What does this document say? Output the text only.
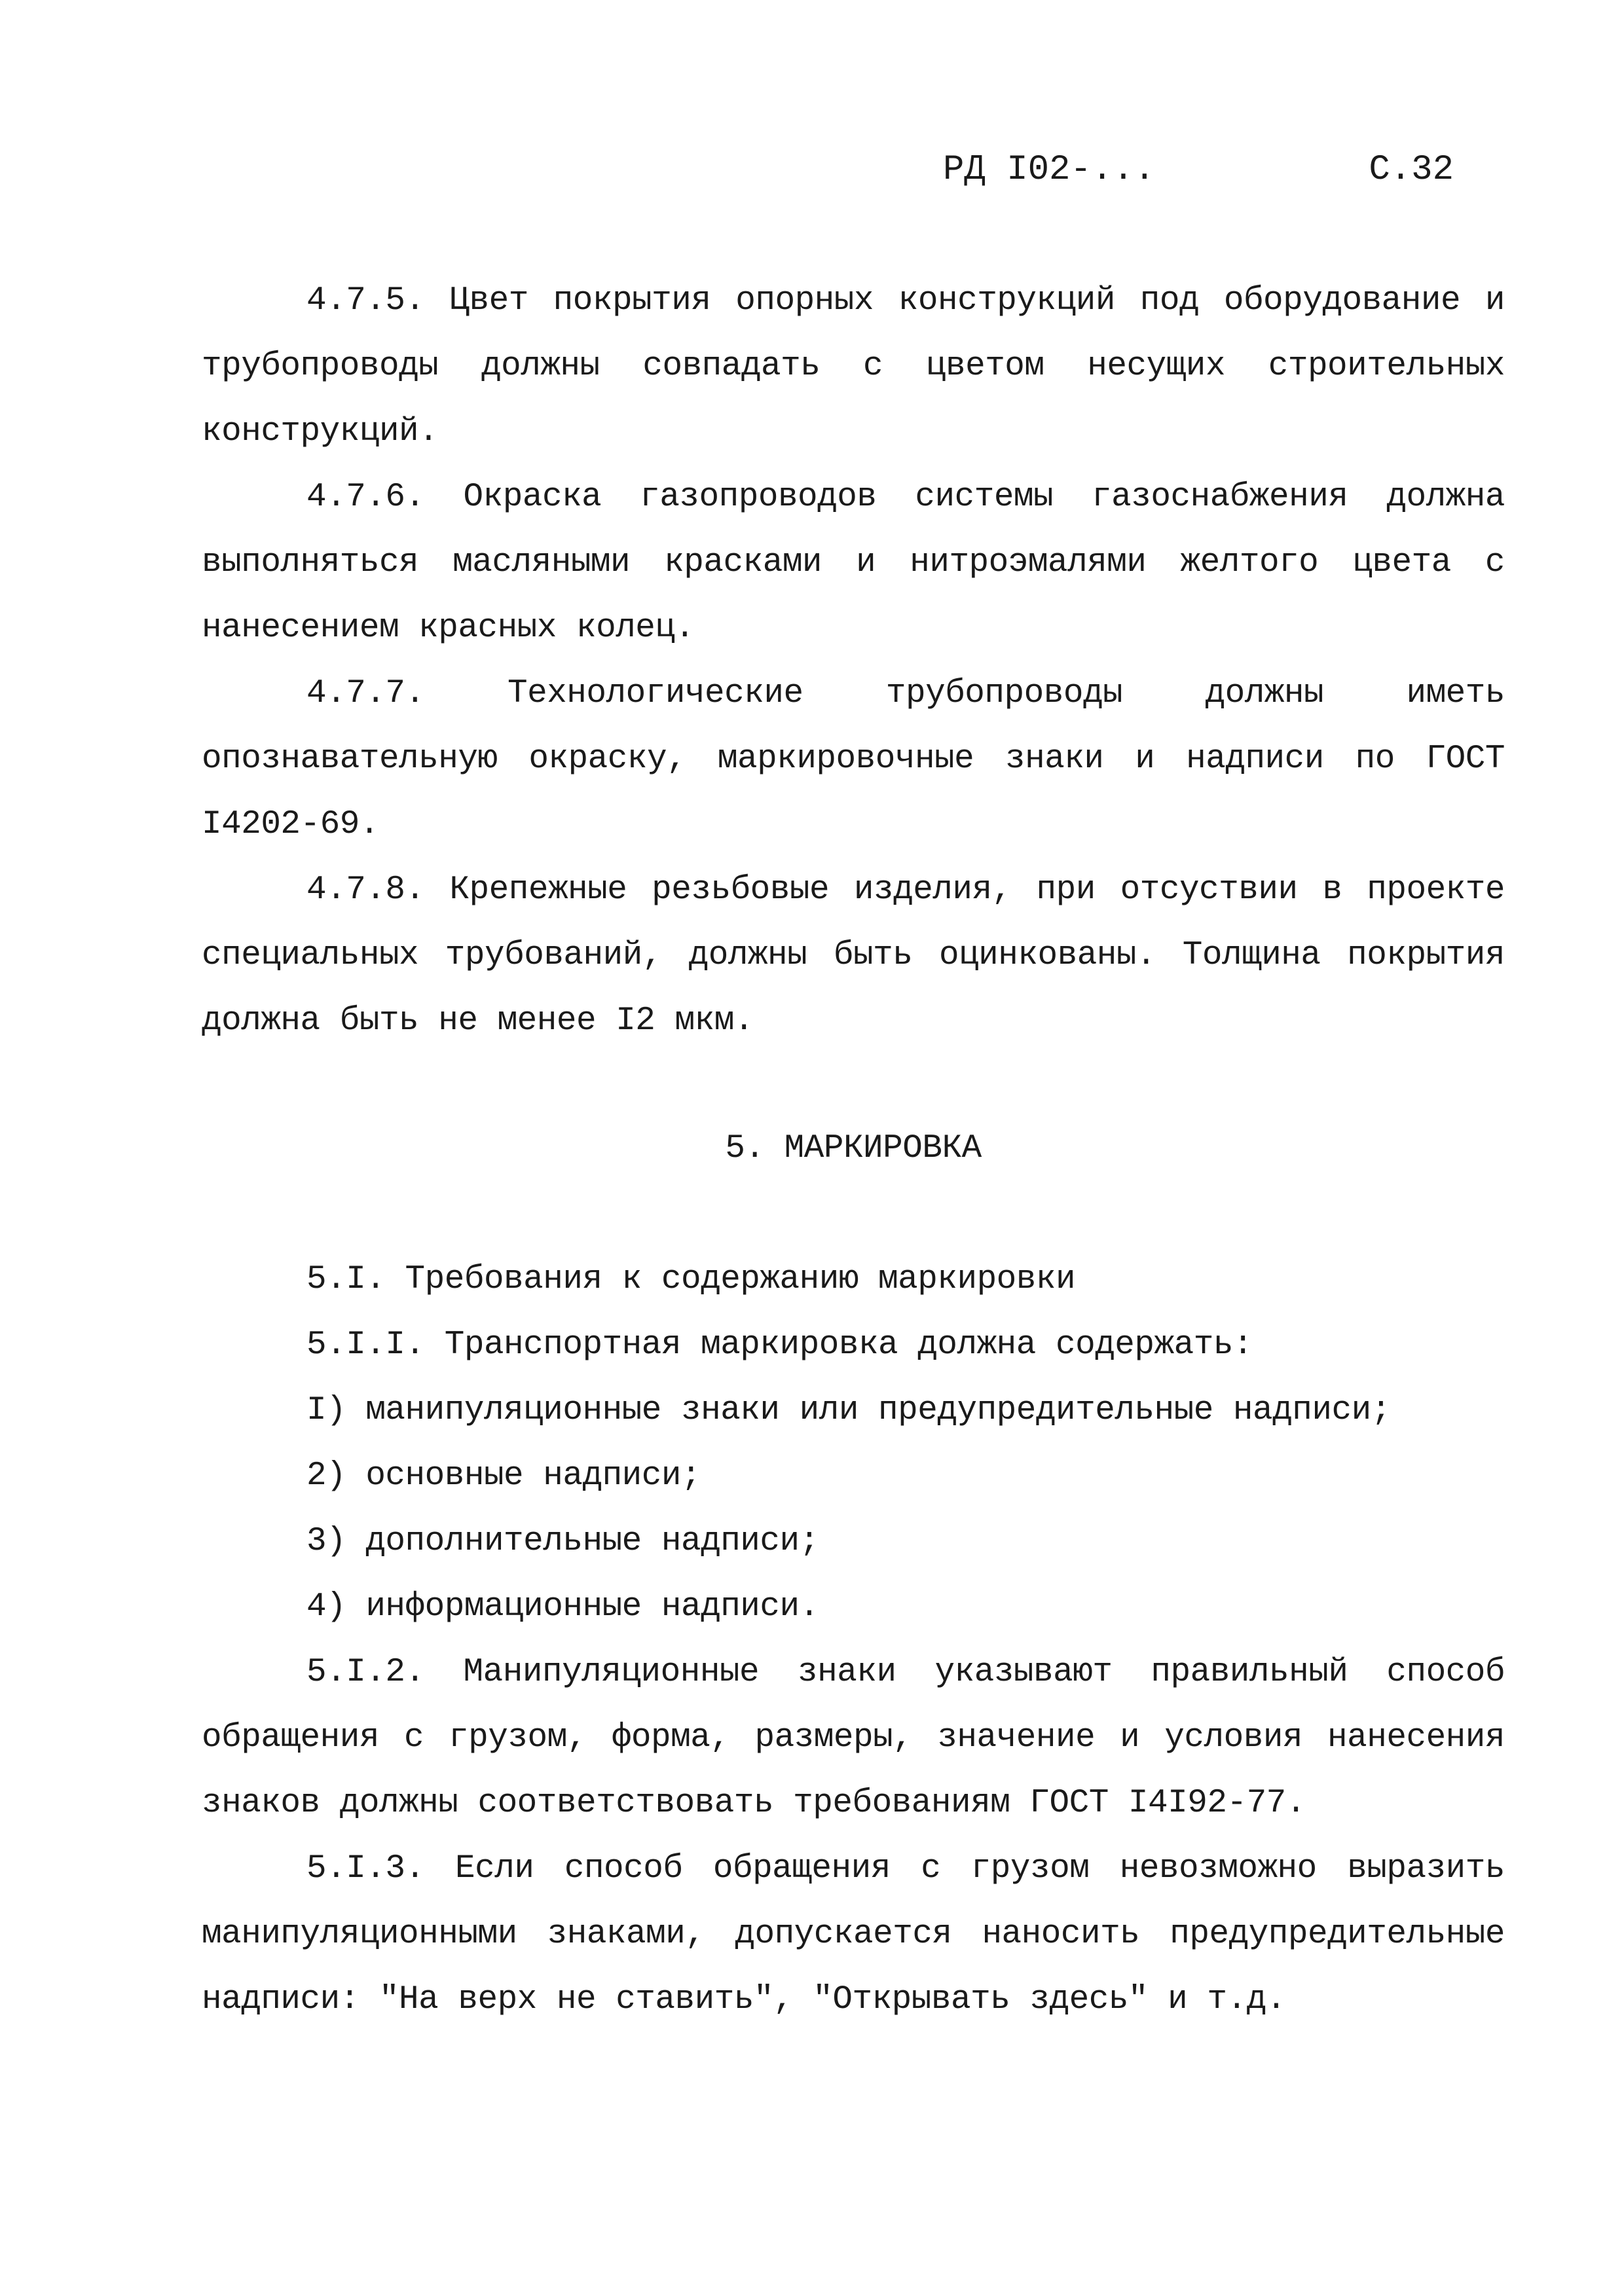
РД I02-...	С.32

4.7.5. Цвет покрытия опорных конструкций под оборудование и трубопроводы должны совпадать с цветом несущих строительных конструкций.

4.7.6. Окраска газопроводов системы газоснабжения должна выполняться масляными красками и нитроэмалями желтого цвета с нанесением красных колец.

4.7.7. Технологические трубопроводы должны иметь опознавательную окраску, маркировочные знаки и надписи по ГОСТ I4202-69.

4.7.8. Крепежные резьбовые изделия, при отсуствии в проекте специальных трубований, должны быть оцинкованы. Толщина покрытия должна быть не менее I2 мкм.

5. МАРКИРОВКА

5.I. Требования к содержанию маркировки

5.I.I. Транспортная маркировка должна содержать:

I) манипуляционные знаки или предупредительные надписи;

2) основные надписи;

3) дополнительные надписи;

4) информационные надписи.

5.I.2. Манипуляционные знаки указывают правильный способ обращения с грузом, форма, размеры, значение и условия нанесения знаков должны соответствовать требованиям ГОСТ I4I92-77.

5.I.3. Если способ обращения с грузом невозможно выразить манипуляционными знаками, допускается наносить предупредительные надписи: "На верх не ставить", "Открывать здесь" и т.д.
